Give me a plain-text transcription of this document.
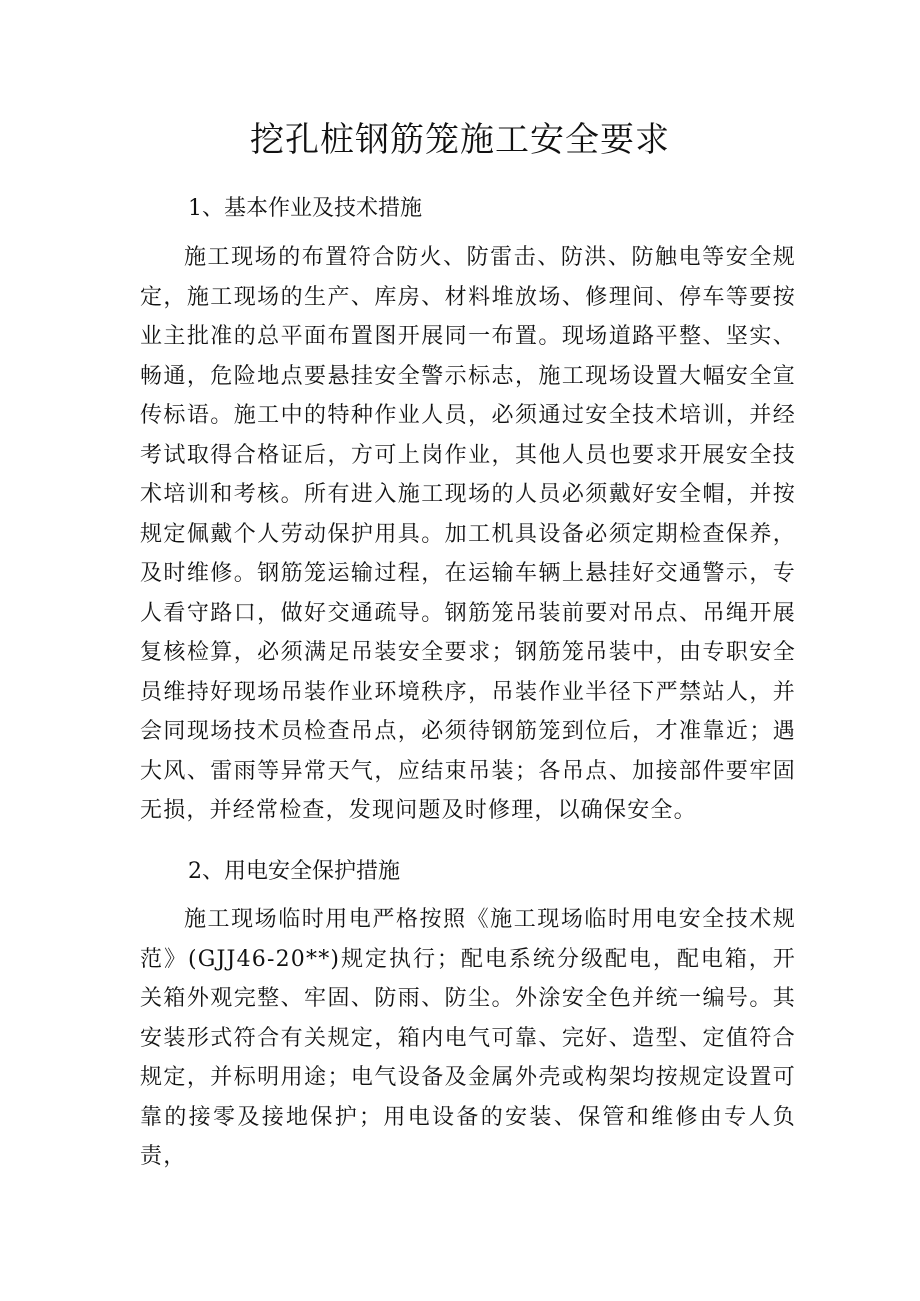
挖孔桩钢筋笼施工安全要求
1、基本作业及技术措施

施工现场的布置符合防火、防雷击、防洪、防触电等安全规定，施工现场的生产、库房、材料堆放场、修理间、停车等要按业主批准的总平面布置图开展同一布置。现场道路平整、坚实、畅通，危险地点要悬挂安全警示标志，施工现场设置大幅安全宣传标语。施工中的特种作业人员，必须通过安全技术培训，并经考试取得合格证后，方可上岗作业，其他人员也要求开展安全技术培训和考核。所有进入施工现场的人员必须戴好安全帽，并按规定佩戴个人劳动保护用具。加工机具设备必须定期检查保养，及时维修。钢筋笼运输过程，在运输车辆上悬挂好交通警示，专人看守路口，做好交通疏导。钢筋笼吊装前要对吊点、吊绳开展复核检算，必须满足吊装安全要求；钢筋笼吊装中，由专职安全员维持好现场吊装作业环境秩序，吊装作业半径下严禁站人，并会同现场技术员检查吊点，必须待钢筋笼到位后，才准靠近；遇大风、雷雨等异常天气，应结束吊装；各吊点、加接部件要牢固无损，并经常检查，发现问题及时修理，以确保安全。

2、用电安全保护措施

施工现场临时用电严格按照《施工现场临时用电安全技术规范》(GJJ46-20**)规定执行；配电系统分级配电，配电箱，开关箱外观完整、牢固、防雨、防尘。外涂安全色并统一编号。其安装形式符合有关规定，箱内电气可靠、完好、造型、定值符合规定，并标明用途；电气设备及金属外壳或构架均按规定设置可靠的接零及接地保护；用电设备的安装、保管和维修由专人负责，
